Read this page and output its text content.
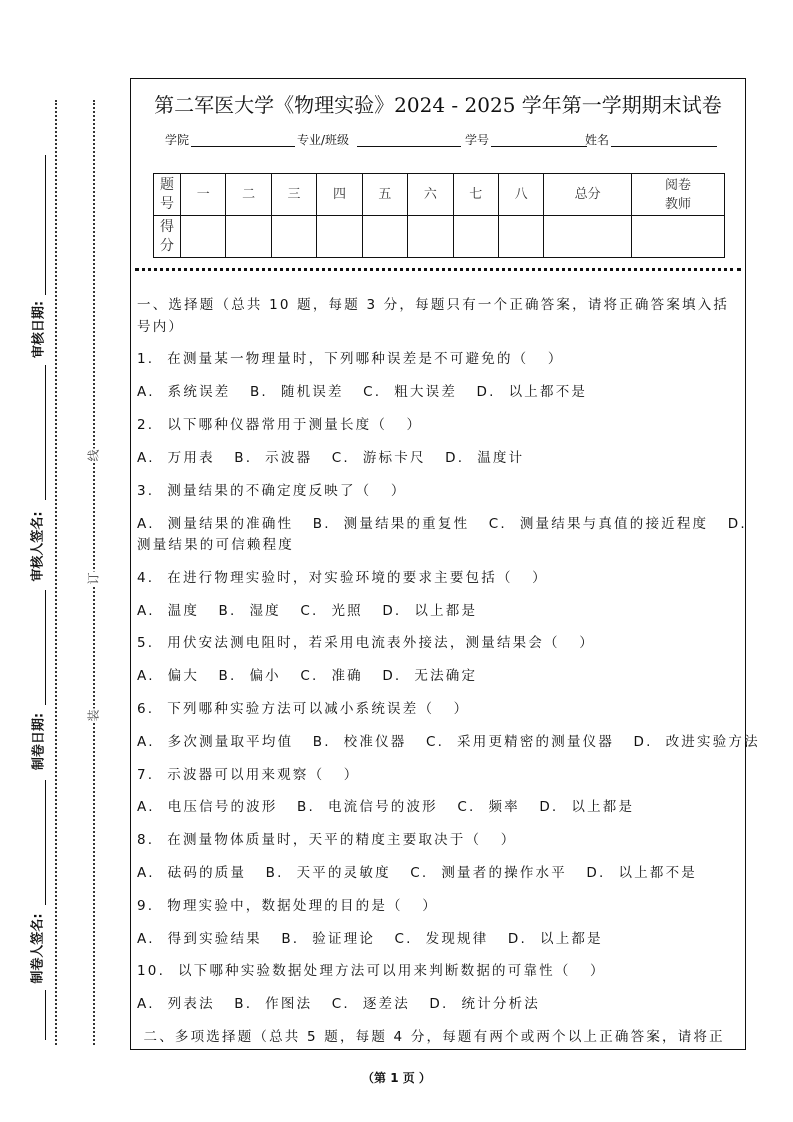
审核日期:
审核人签名:
制卷日期:
制卷人签名:
线
订
装
第二军医大学《物理实验》2024 - 2025 学年第一学期期末试卷
学院	专业/班级	学号	姓名
题号	一	二	三	四	五	六	七	八	总分	阅卷教师
得分										
一、选择题（总共 10 题，每题 3 分，每题只有一个正确答案，请将正确答案填入括
号内）
1.  在测量某一物理量时，下列哪种误差是不可避免的（   ）
A.  系统误差   B.  随机误差   C.  粗大误差   D.  以上都不是
2.  以下哪种仪器常用于测量长度（   ）
A.  万用表   B.  示波器   C.  游标卡尺   D.  温度计
3.  测量结果的不确定度反映了（   ）
A.  测量结果的准确性   B.  测量结果的重复性   C.  测量结果与真值的接近程度   D.
测量结果的可信赖程度
4.  在进行物理实验时，对实验环境的要求主要包括（   ）
A.  温度   B.  湿度   C.  光照   D.  以上都是
5.  用伏安法测电阻时，若采用电流表外接法，测量结果会（   ）
A.  偏大   B.  偏小   C.  准确   D.  无法确定
6.  下列哪种实验方法可以减小系统误差（   ）
A.  多次测量取平均值   B.  校准仪器   C.  采用更精密的测量仪器   D.  改进实验方法
7.  示波器可以用来观察（   ）
A.  电压信号的波形   B.  电流信号的波形   C.  频率   D.  以上都是
8.  在测量物体质量时，天平的精度主要取决于（   ）
A.  砝码的质量   B.  天平的灵敏度   C.  测量者的操作水平   D.  以上都不是
9.  物理实验中，数据处理的目的是（   ）
A.  得到实验结果   B.  验证理论   C.  发现规律   D.  以上都是
10.  以下哪种实验数据处理方法可以用来判断数据的可靠性（   ）
A.  列表法   B.  作图法   C.  逐差法   D.  统计分析法
二、多项选择题（总共 5 题，每题 4 分，每题有两个或两个以上正确答案，请将正
（第 1 页 ）
